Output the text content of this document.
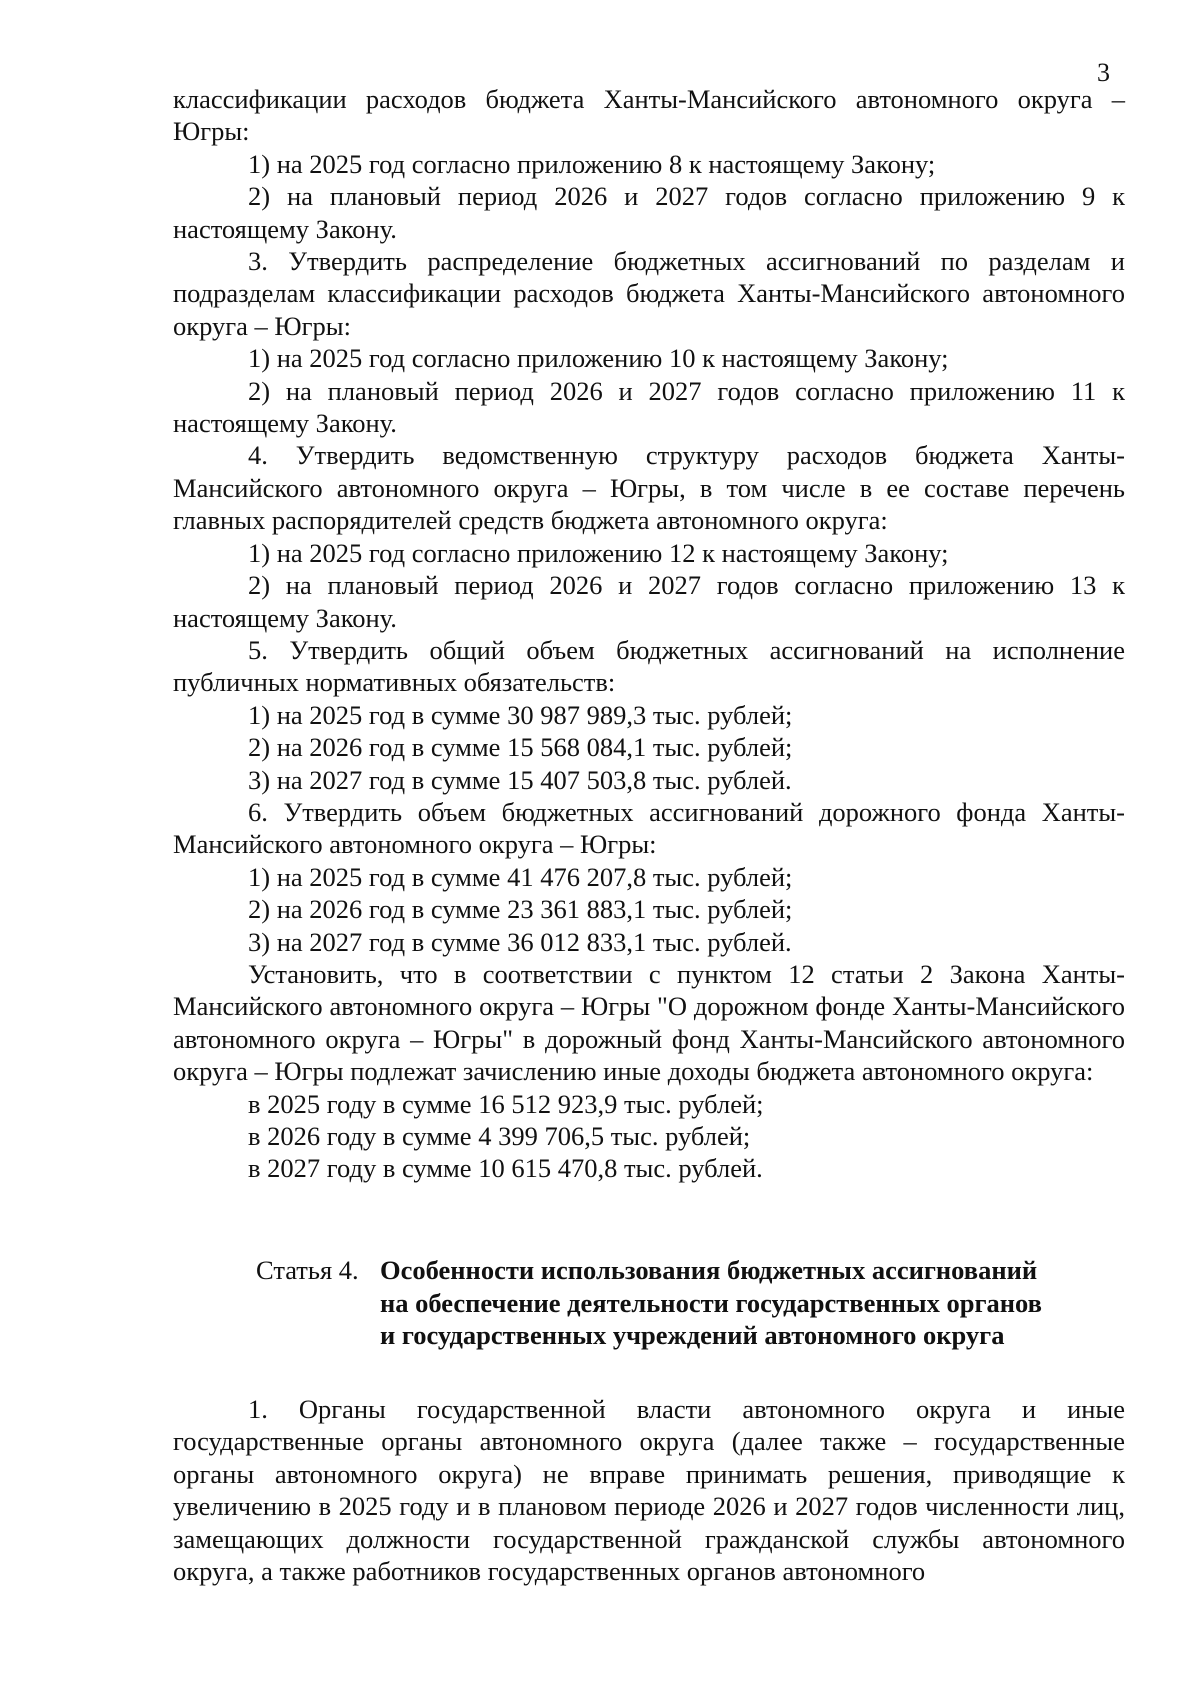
3

классификации расходов бюджета Ханты-Мансийского автономного округа – Югры:

1) на 2025 год согласно приложению 8 к настоящему Закону;

2) на плановый период 2026 и 2027 годов согласно приложению 9 к настоящему Закону.

3. Утвердить распределение бюджетных ассигнований по разделам и подразделам классификации расходов бюджета Ханты-Мансийского автономного округа – Югры:

1) на 2025 год согласно приложению 10 к настоящему Закону;

2) на плановый период 2026 и 2027 годов согласно приложению 11 к настоящему Закону.

4. Утвердить ведомственную структуру расходов бюджета Ханты-Мансийского автономного округа – Югры, в том числе в ее составе перечень главных распорядителей средств бюджета автономного округа:

1) на 2025 год согласно приложению 12 к настоящему Закону;

2) на плановый период 2026 и 2027 годов согласно приложению 13 к настоящему Закону.

5. Утвердить общий объем бюджетных ассигнований на исполнение публичных нормативных обязательств:

1) на 2025 год в сумме 30 987 989,3 тыс. рублей;

2) на 2026 год в сумме 15 568 084,1 тыс. рублей;

3) на 2027 год в сумме 15 407 503,8 тыс. рублей.

6. Утвердить объем бюджетных ассигнований дорожного фонда Ханты-Мансийского автономного округа – Югры:

1) на 2025 год в сумме 41 476 207,8 тыс. рублей;

2) на 2026 год в сумме 23 361 883,1 тыс. рублей;

3) на 2027 год в сумме 36 012 833,1 тыс. рублей.

Установить, что в соответствии с пунктом 12 статьи 2 Закона Ханты-Мансийского автономного округа – Югры "О дорожном фонде Ханты-Мансийского автономного округа – Югры" в дорожный фонд Ханты-Мансийского автономного округа – Югры подлежат зачислению иные доходы бюджета автономного округа:

в 2025 году в сумме 16 512 923,9 тыс. рублей;

в 2026 году в сумме 4 399 706,5 тыс. рублей;

в 2027 году в сумме 10 615 470,8 тыс. рублей.

Статья 4. Особенности использования бюджетных ассигнований
на обеспечение деятельности государственных органов
и государственных учреждений автономного округа

1. Органы государственной власти автономного округа и иные государственные органы автономного округа (далее также – государственные органы автономного округа) не вправе принимать решения, приводящие к увеличению в 2025 году и в плановом периоде 2026 и 2027 годов численности лиц, замещающих должности государственной гражданской службы автономного округа, а также работников государственных органов автономного
